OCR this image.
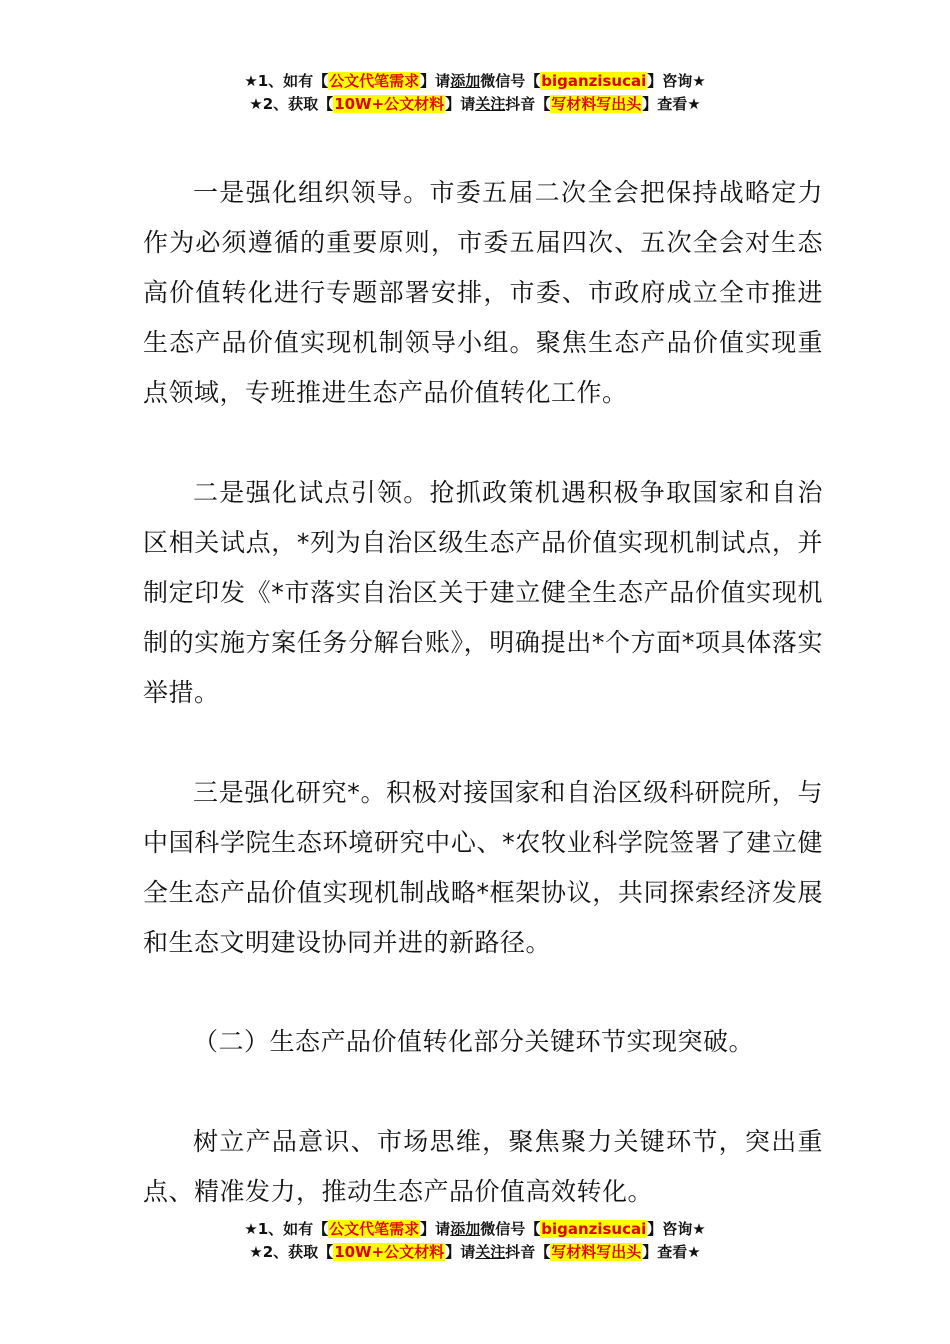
★1、如有【公文代笔需求】请添加微信号【biganzisucai】咨询★
★2、获取【10W+公文材料】请关注抖音【写材料写出头】查看★

一是强化组织领导。市委五届二次全会把保持战略定力作为必须遵循的重要原则，市委五届四次、五次全会对生态高价值转化进行专题部署安排，市委、市政府成立全市推进生态产品价值实现机制领导小组。聚焦生态产品价值实现重点领域，专班推进生态产品价值转化工作。

二是强化试点引领。抢抓政策机遇积极争取国家和自治区相关试点，*列为自治区级生态产品价值实现机制试点，并制定印发《*市落实自治区关于建立健全生态产品价值实现机制的实施方案任务分解台账》，明确提出*个方面*项具体落实举措。

三是强化研究*。积极对接国家和自治区级科研院所，与中国科学院生态环境研究中心、*农牧业科学院签署了建立健全生态产品价值实现机制战略*框架协议，共同探索经济发展和生态文明建设协同并进的新路径。

（二）生态产品价值转化部分关键环节实现突破。

树立产品意识、市场思维，聚焦聚力关键环节，突出重点、精准发力，推动生态产品价值高效转化。

★1、如有【公文代笔需求】请添加微信号【biganzisucai】咨询★
★2、获取【10W+公文材料】请关注抖音【写材料写出头】查看★
